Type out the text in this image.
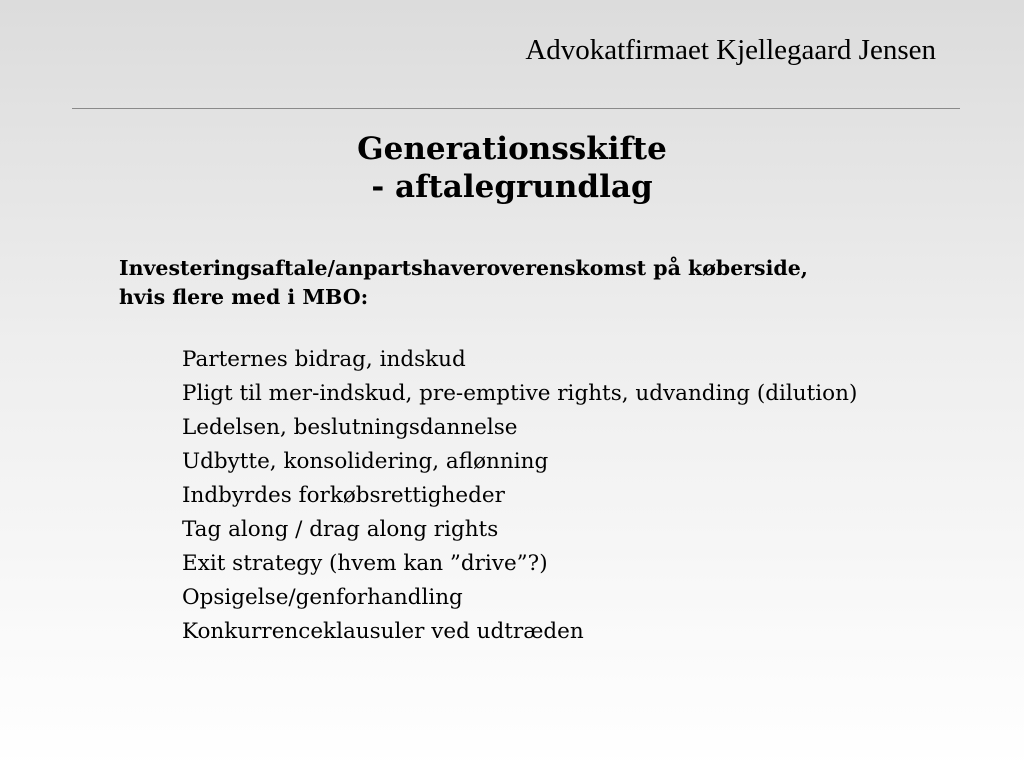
Advokatfirmaet Kjellegaard Jensen
Generationsskifte
- aftalegrundlag
Investeringsaftale/anpartshaveroverenskomst på køberside,
hvis flere med i MBO:
Parternes bidrag, indskud
Pligt til mer-indskud, pre-emptive rights, udvanding (dilution)
Ledelsen, beslutningsdannelse
Udbytte, konsolidering, aflønning
Indbyrdes forkøbsrettigheder
Tag along / drag along rights
Exit strategy (hvem kan ”drive”?)
Opsigelse/genforhandling
Konkurrenceklausuler ved udtræden
